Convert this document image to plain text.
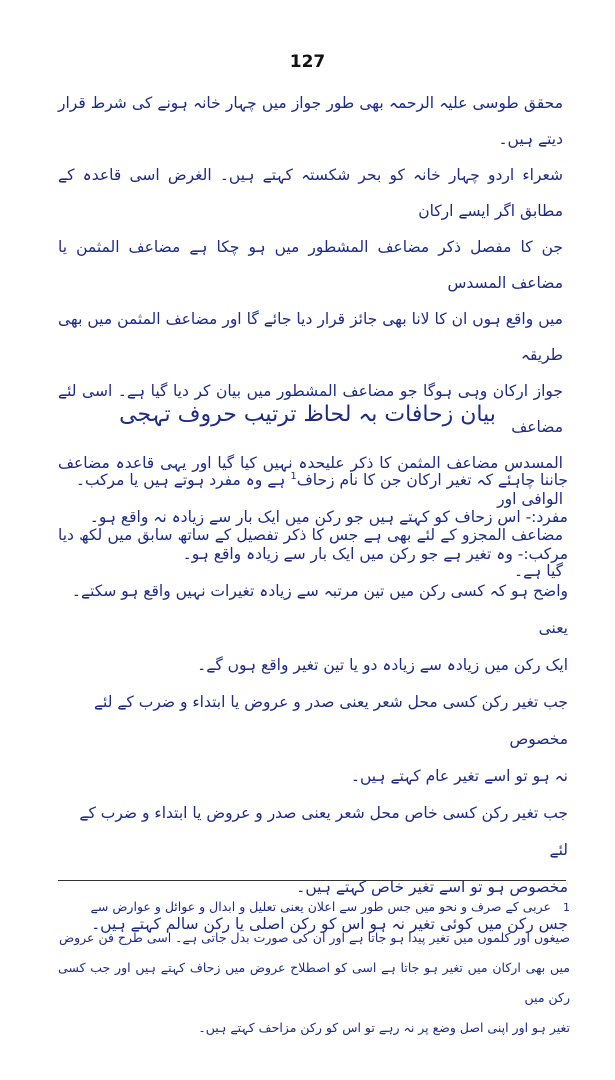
127

محقق طوسی علیہ الرحمہ بھی طور جواز میں چہار خانہ ہونے کی شرط قرار دیتے ہیں۔

شعراء اردو چہار خانہ کو بحر شکستہ کہتے ہیں۔ الغرض اسی قاعدہ کے مطابق اگر ایسے ارکان

جن کا مفصل ذکر مضاعف المشطور میں ہو چکا ہے مضاعف المثمن یا مضاعف المسدس

میں واقع ہوں ان کا لانا بھی جائز قرار دیا جائے گا اور مضاعف المثمن میں بھی طریقہ

جواز ارکان وہی ہوگا جو مضاعف المشطور میں بیان کر دیا گیا ہے۔ اسی لئے مضاعف

المسدس مضاعف المثمن کا ذکر علیحدہ نہیں کیا گیا اور یہی قاعدہ مضاعف الوافی اور

مضاعف المجزو کے لئے بھی ہے جس کا ذکر تفصیل کے ساتھ سابق میں لکھ دیا گیا ہے۔

بیان زحافات بہ لحاظ ترتیب حروف تہجی

جاننا چاہئے کہ تغیر ارکان جن کا نام زحاف$^1$ ہے وہ مفرد ہوتے ہیں یا مرکب۔

مفرد:- اس زحاف کو کہتے ہیں جو رکن میں ایک بار سے زیادہ نہ واقع ہو۔

مرکب:- وہ تغیر ہے جو رکن میں ایک بار سے زیادہ واقع ہو۔

واضح ہو کہ کسی رکن میں تین مرتبہ سے زیادہ تغیرات نہیں واقع ہو سکتے۔ یعنی

ایک رکن میں زیادہ سے زیادہ دو یا تین تغیر واقع ہوں گے۔

جب تغیر رکن کسی محل شعر یعنی صدر و عروض یا ابتداء و ضرب کے لئے مخصوص

نہ ہو تو اسے تغیر عام کہتے ہیں۔

جب تغیر رکن کسی خاص محل شعر یعنی صدر و عروض یا ابتداء و ضرب کے لئے

مخصوص ہو تو اسے تغیر خاص کہتے ہیں۔

جس رکن میں کوئی تغیر نہ ہو اس کو رکن اصلی یا رکن سالم کہتے ہیں۔

1عربی کے صرف و نحو میں جس طور سے اعلان یعنی تعلیل و ابدال و عوائل و عوارض سے

صیغوں اور کلموں میں تغیر پیدا ہو جاتا ہے اور ان کی صورت بدل جاتی ہے۔ اسی طرح فن عروض

میں بھی ارکان میں تغیر ہو جاتا ہے اسی کو اصطلاح عروض میں زحاف کہتے ہیں اور جب کسی رکن میں

تغیر ہو اور اپنی اصل وضع پر نہ رہے تو اس کو رکن مزاحف کہتے ہیں۔
